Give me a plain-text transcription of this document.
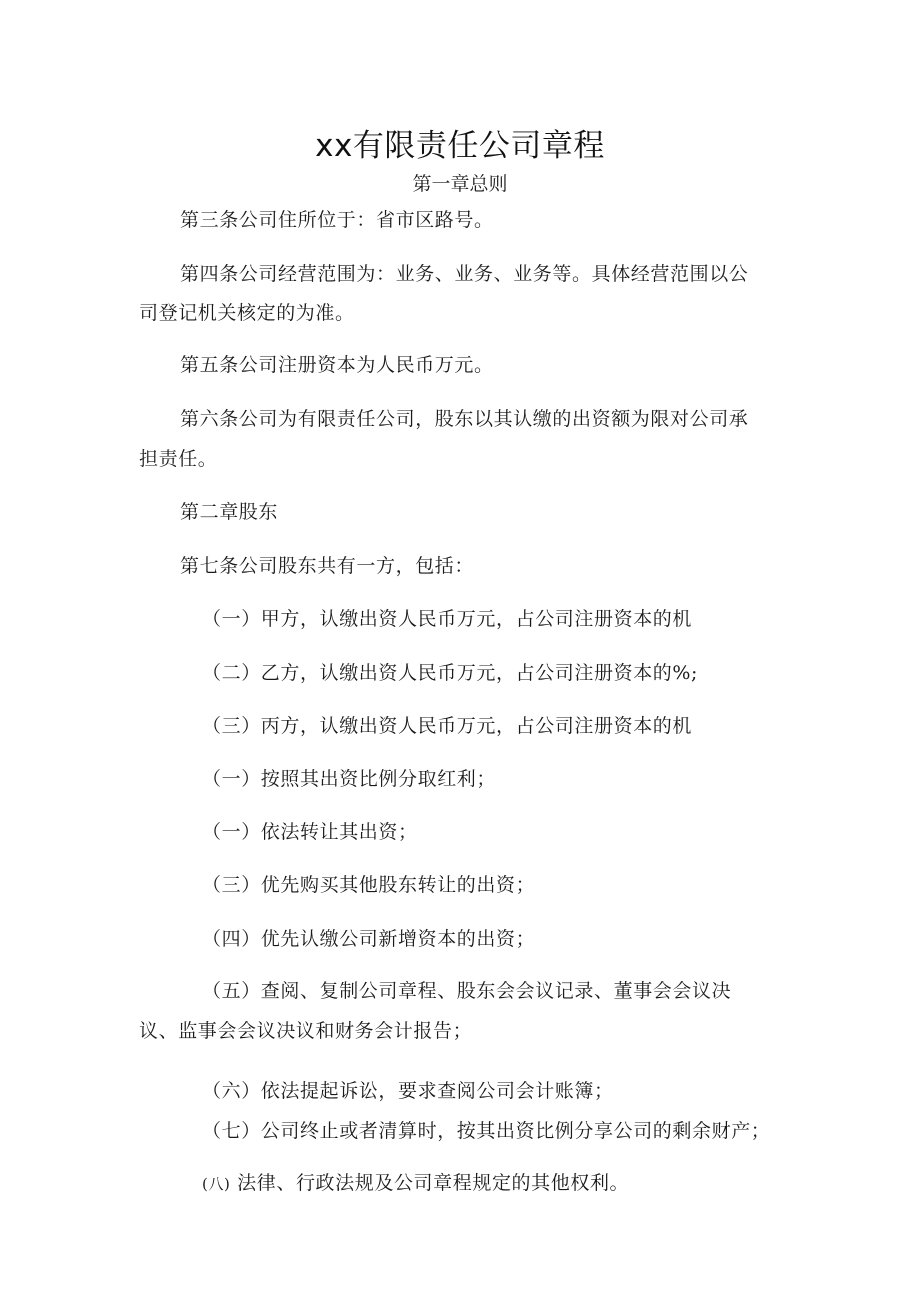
xx有限责任公司章程
第一章总则
第三条公司住所位于：省市区路号。
第四条公司经营范围为：业务、业务、业务等。具体经营范围以公
司登记机关核定的为准。
第五条公司注册资本为人民币万元。
第六条公司为有限责任公司，股东以其认缴的出资额为限对公司承
担责任。
第二章股东
第七条公司股东共有一方，包括：
（一）甲方，认缴出资人民币万元，占公司注册资本的机
（二）乙方，认缴出资人民币万元，占公司注册资本的%;
（三）丙方，认缴出资人民币万元，占公司注册资本的机
（一）按照其出资比例分取红利；
（一）依法转让其出资；
（三）优先购买其他股东转让的出资；
（四）优先认缴公司新增资本的出资；
（五）查阅、复制公司章程、股东会会议记录、董事会会议决
议、监事会会议决议和财务会计报告；
（六）依法提起诉讼，要求查阅公司会计账簿；
（七）公司终止或者清算时，按其出资比例分享公司的剩余财产；
(八) 法律、行政法规及公司章程规定的其他权利。
